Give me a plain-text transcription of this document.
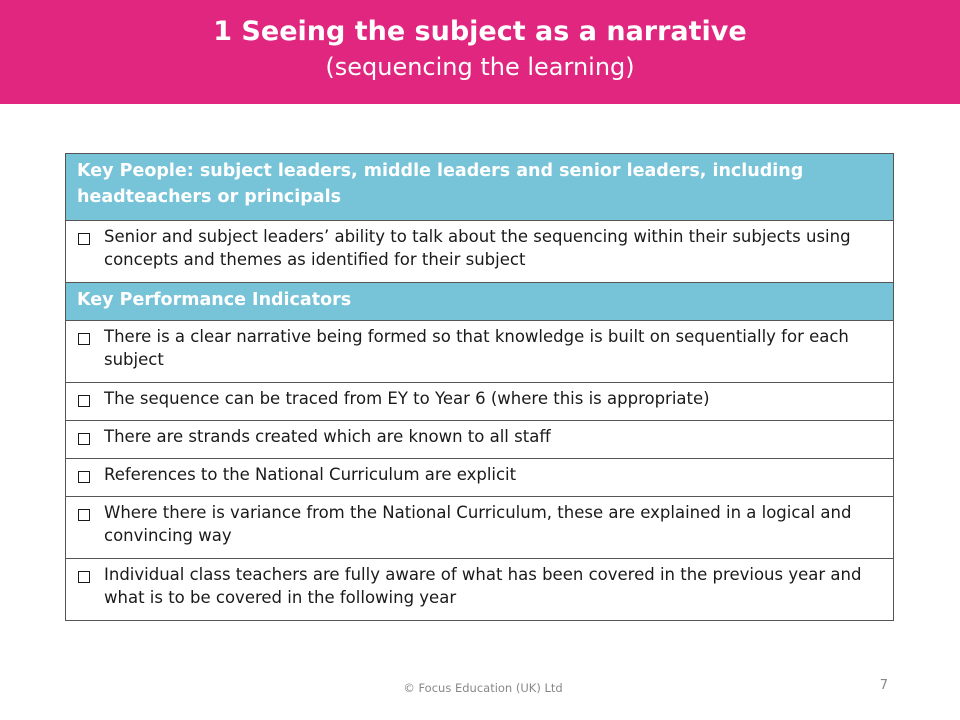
1 Seeing the subject as a narrative
(sequencing the learning)
Key People: subject leaders, middle leaders and senior leaders, including headteachers or principals
Senior and subject leaders’ ability to talk about the sequencing within their subjects using concepts and themes as identified for their subject
Key Performance Indicators
There is a clear narrative being formed so that knowledge is built on sequentially for each subject
The sequence can be traced from EY to Year 6 (where this is appropriate)
There are strands created which are known to all staff
References to the National Curriculum are explicit
Where there is variance from the National Curriculum, these are explained in a logical and convincing way
Individual class teachers are fully aware of what has been covered in the previous year and what is to be covered in the following year
© Focus Education (UK) Ltd	7
